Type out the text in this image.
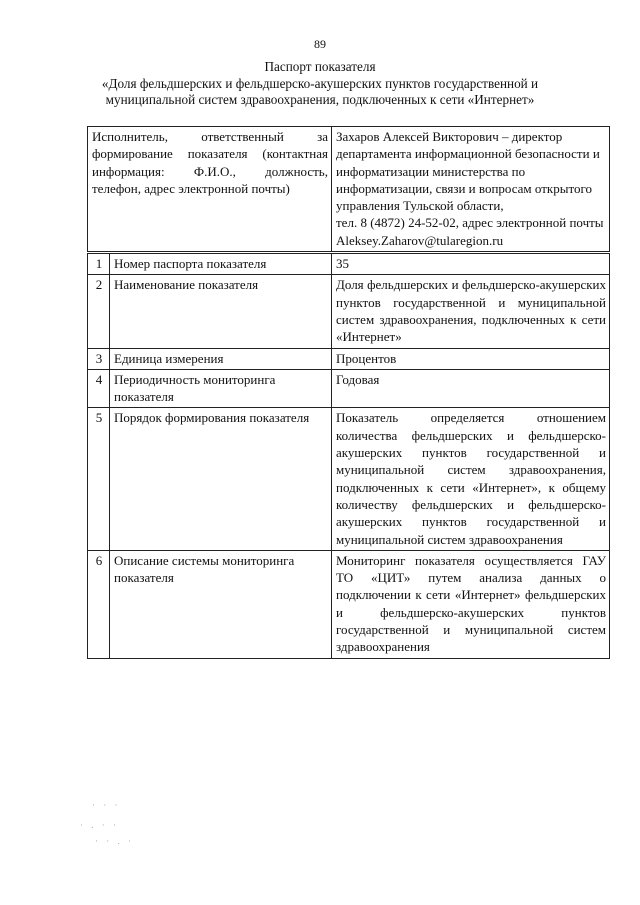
89
Паспорт показателя
«Доля фельдшерских и фельдшерско-акушерских пунктов государственной и
муниципальной систем здравоохранения, подключенных к сети «Интернет»
Исполнитель, ответственный за формирование показателя (контактная информация: Ф.И.О., должность, телефон, адрес электронной почты)		Захаров Алексей Викторович – директор департамента информационной безопасности и информатизации министерства по информатизации, связи и вопросам открытого управления Тульской области,
тел. 8 (4872) 24-52-02, адрес электронной почты Aleksey.Zaharov@tularegion.ru

1	Номер паспорта показателя	35
2	Наименование показателя	Доля фельдшерских и фельдшерско-акушерских пунктов государственной и муниципальной систем здравоохранения, подключенных к сети «Интернет»
3	Единица измерения	Процентов
4	Периодичность мониторинга показателя	Годовая
5	Порядок формирования показателя	Показатель определяется отношением количества фельдшерских и фельдшерско-акушерских пунктов государственной и муниципальной систем здравоохранения, подключенных к сети «Интернет», к общему количеству фельдшерских и фельдшерско-акушерских пунктов государственной и муниципальной систем здравоохранения
6	Описание системы мониторинга показателя	Мониторинг показателя осуществляется ГАУ ТО «ЦИТ» путем анализа данных о подключении к сети «Интернет» фельдшерских и фельдшерско-акушерских пунктов государственной и муниципальной систем здравоохранения
· · ·
· . · ·
· · . ·
